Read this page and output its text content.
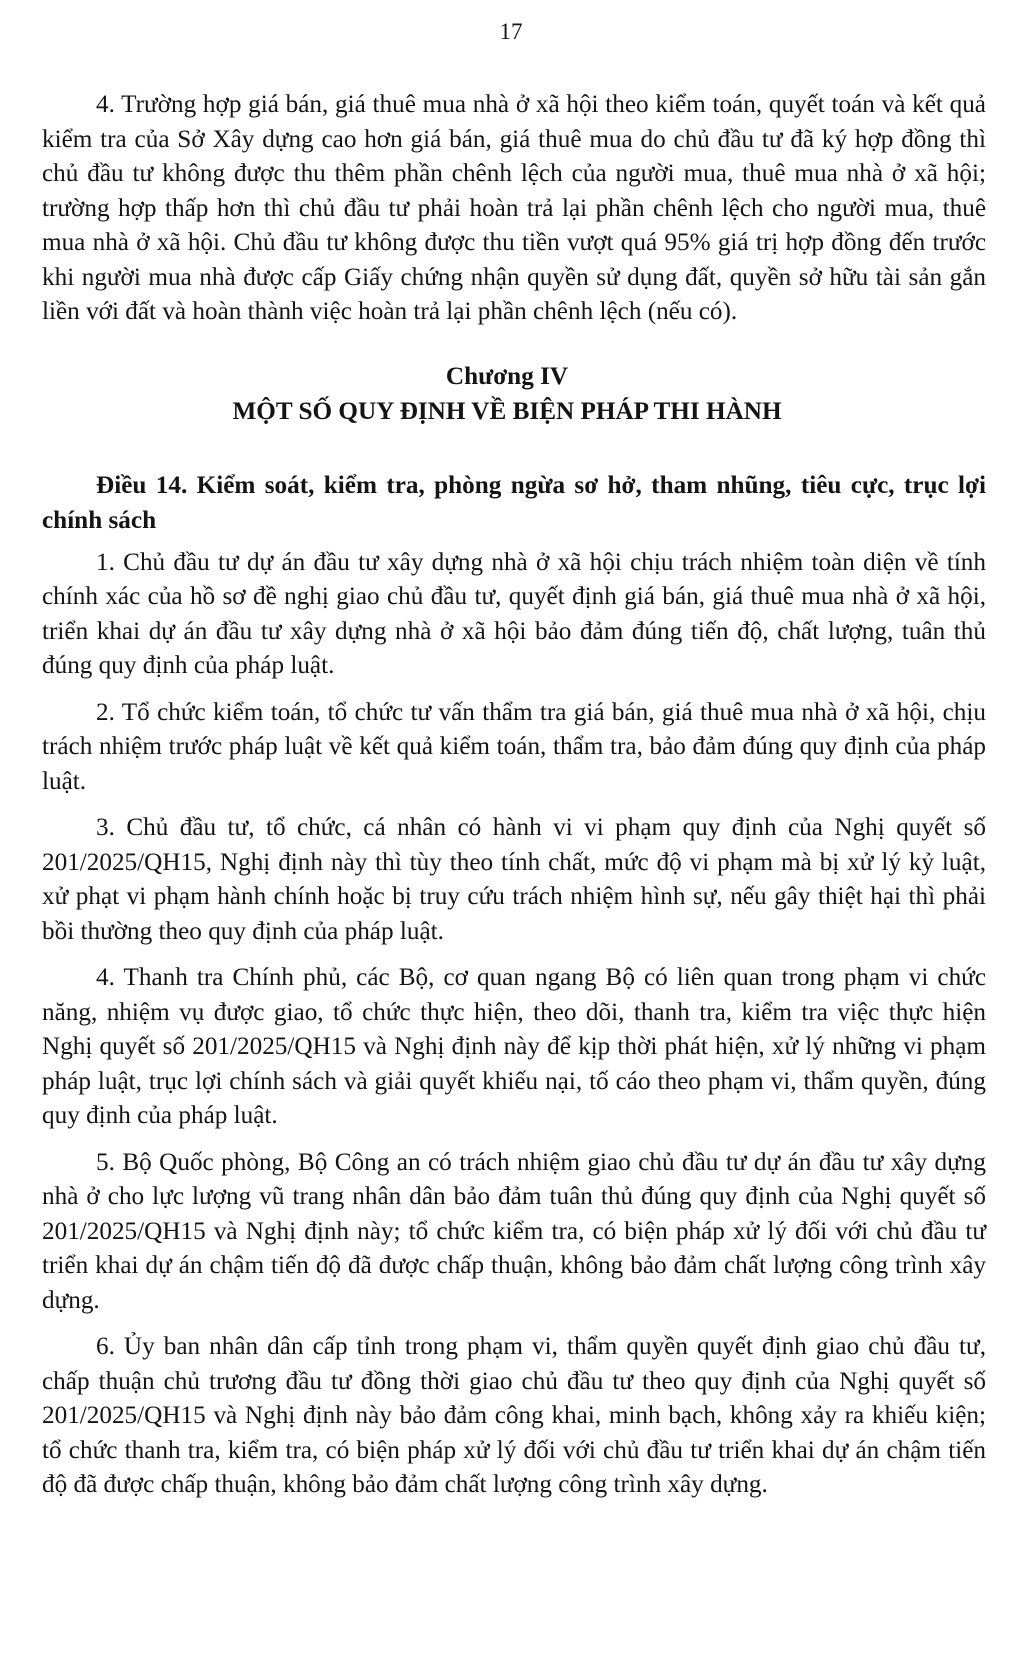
17

4. Trường hợp giá bán, giá thuê mua nhà ở xã hội theo kiểm toán, quyết toán và kết quả kiểm tra của Sở Xây dựng cao hơn giá bán, giá thuê mua do chủ đầu tư đã ký hợp đồng thì chủ đầu tư không được thu thêm phần chênh lệch của người mua, thuê mua nhà ở xã hội; trường hợp thấp hơn thì chủ đầu tư phải hoàn trả lại phần chênh lệch cho người mua, thuê mua nhà ở xã hội. Chủ đầu tư không được thu tiền vượt quá 95% giá trị hợp đồng đến trước khi người mua nhà được cấp Giấy chứng nhận quyền sử dụng đất, quyền sở hữu tài sản gắn liền với đất và hoàn thành việc hoàn trả lại phần chênh lệch (nếu có).

Chương IV
MỘT SỐ QUY ĐỊNH VỀ BIỆN PHÁP THI HÀNH
Điều 14. Kiểm soát, kiểm tra, phòng ngừa sơ hở, tham nhũng, tiêu cực, trục lợi chính sách

1. Chủ đầu tư dự án đầu tư xây dựng nhà ở xã hội chịu trách nhiệm toàn diện về tính chính xác của hồ sơ đề nghị giao chủ đầu tư, quyết định giá bán, giá thuê mua nhà ở xã hội, triển khai dự án đầu tư xây dựng nhà ở xã hội bảo đảm đúng tiến độ, chất lượng, tuân thủ đúng quy định của pháp luật.

2. Tổ chức kiểm toán, tổ chức tư vấn thẩm tra giá bán, giá thuê mua nhà ở xã hội, chịu trách nhiệm trước pháp luật về kết quả kiểm toán, thẩm tra, bảo đảm đúng quy định của pháp luật.

3. Chủ đầu tư, tổ chức, cá nhân có hành vi vi phạm quy định của Nghị quyết số 201/2025/QH15, Nghị định này thì tùy theo tính chất, mức độ vi phạm mà bị xử lý kỷ luật, xử phạt vi phạm hành chính hoặc bị truy cứu trách nhiệm hình sự, nếu gây thiệt hại thì phải bồi thường theo quy định của pháp luật.

4. Thanh tra Chính phủ, các Bộ, cơ quan ngang Bộ có liên quan trong phạm vi chức năng, nhiệm vụ được giao, tổ chức thực hiện, theo dõi, thanh tra, kiểm tra việc thực hiện Nghị quyết số 201/2025/QH15 và Nghị định này để kịp thời phát hiện, xử lý những vi phạm pháp luật, trục lợi chính sách và giải quyết khiếu nại, tố cáo theo phạm vi, thẩm quyền, đúng quy định của pháp luật.

5. Bộ Quốc phòng, Bộ Công an có trách nhiệm giao chủ đầu tư dự án đầu tư xây dựng nhà ở cho lực lượng vũ trang nhân dân bảo đảm tuân thủ đúng quy định của Nghị quyết số 201/2025/QH15 và Nghị định này; tổ chức kiểm tra, có biện pháp xử lý đối với chủ đầu tư triển khai dự án chậm tiến độ đã được chấp thuận, không bảo đảm chất lượng công trình xây dựng.

6. Ủy ban nhân dân cấp tỉnh trong phạm vi, thẩm quyền quyết định giao chủ đầu tư, chấp thuận chủ trương đầu tư đồng thời giao chủ đầu tư theo quy định của Nghị quyết số 201/2025/QH15 và Nghị định này bảo đảm công khai, minh bạch, không xảy ra khiếu kiện; tổ chức thanh tra, kiểm tra, có biện pháp xử lý đối với chủ đầu tư triển khai dự án chậm tiến độ đã được chấp thuận, không bảo đảm chất lượng công trình xây dựng.
